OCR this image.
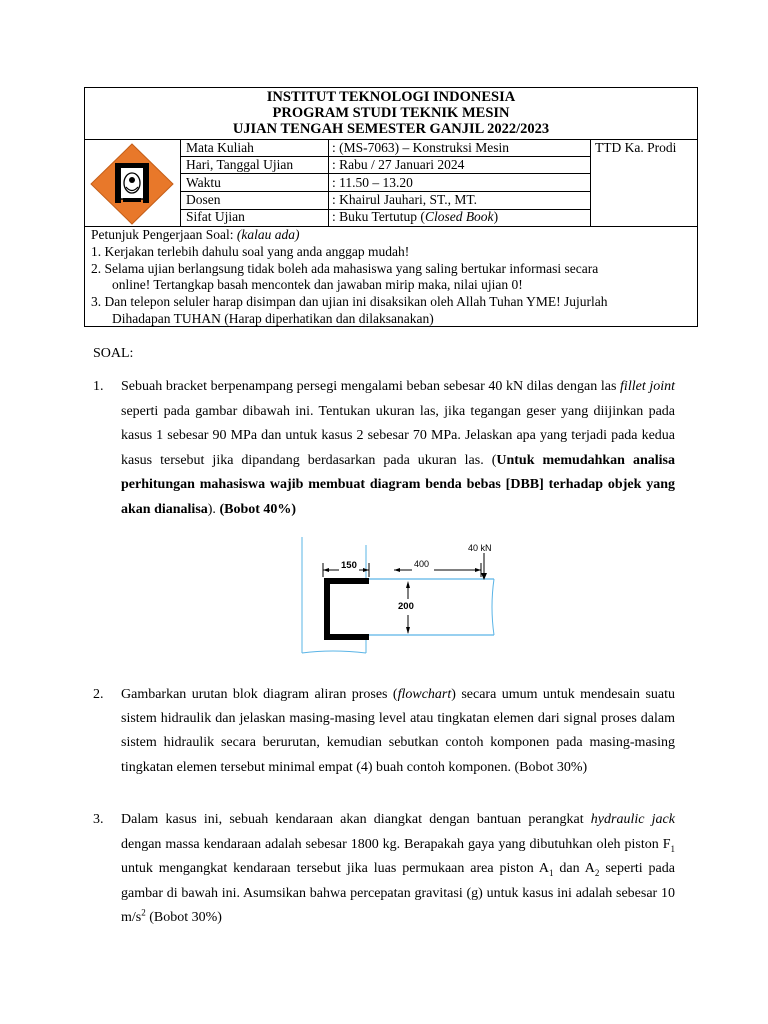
INSTITUT TEKNOLOGI INDONESIA
PROGRAM STUDI TEKNIK MESIN
UJIAN TENGAH SEMESTER GANJIL 2022/2023
Mata Kuliah	: (MS-7063) – Konstruksi Mesin	TTD Ka. Prodi
Hari, Tanggal Ujian	: Rabu / 27 Januari 2024
Waktu	: 11.50 – 13.20
Dosen	: Khairul Jauhari, ST., MT.
Sifat Ujian	: Buku Tertutup (Closed Book)
Petunjuk Pengerjaan Soal: (kalau ada)
1. Kerjakan terlebih dahulu soal yang anda anggap mudah!
2. Selama ujian berlangsung tidak boleh ada mahasiswa yang saling bertukar informasi secara
online! Tertangkap basah mencontek dan jawaban mirip maka, nilai ujian 0!
3. Dan telepon seluler harap disimpan dan ujian ini disaksikan oleh Allah Tuhan YME! Jujurlah
Dihadapan TUHAN (Harap diperhatikan dan dilaksanakan)
SOAL:
1. Sebuah bracket berpenampang persegi mengalami beban sebesar 40 kN dilas dengan las fillet joint seperti pada gambar dibawah ini. Tentukan ukuran las, jika tegangan geser yang diijinkan pada kasus 1 sebesar 90 MPa dan untuk kasus 2 sebesar 70 MPa. Jelaskan apa yang terjadi pada kedua kasus tersebut jika dipandang berdasarkan pada ukuran las. (Untuk memudahkan analisa perhitungan mahasiswa wajib membuat diagram benda bebas [DBB] terhadap objek yang akan dianalisa). (Bobot 40%)

150	400
40 kN
200
2. Gambarkan urutan blok diagram aliran proses (flowchart) secara umum untuk mendesain suatu sistem hidraulik dan jelaskan masing-masing level atau tingkatan elemen dari signal proses dalam sistem hidraulik secara berurutan, kemudian sebutkan contoh komponen pada masing-masing tingkatan elemen tersebut minimal empat (4) buah contoh komponen. (Bobot 30%)

3. Dalam kasus ini, sebuah kendaraan akan diangkat dengan bantuan perangkat hydraulic jack dengan massa kendaraan adalah sebesar 1800 kg. Berapakah gaya yang dibutuhkan oleh piston $F_1$ untuk mengangkat kendaraan tersebut jika luas permukaan area piston $A_1$ dan $A_2$ seperti pada gambar di bawah ini. Asumsikan bahwa percepatan gravitasi (g) untuk kasus ini adalah sebesar 10 $m/s^2$ (Bobot 30%)
